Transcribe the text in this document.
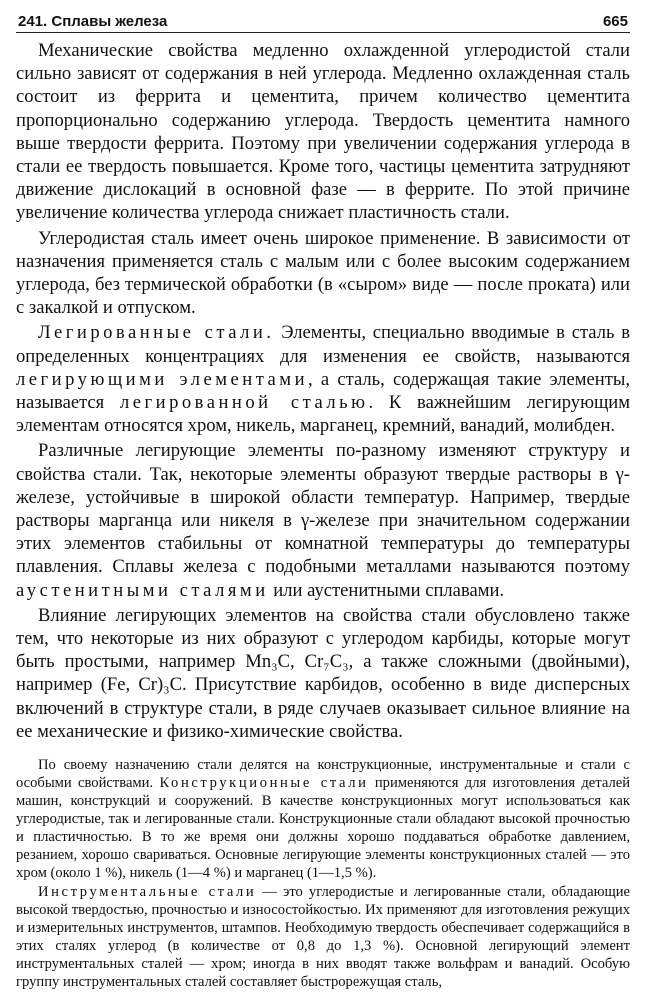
241. Сплавы железа	665

Механические свойства медленно охлажденной углеродистой стали сильно зависят от содержания в ней углерода. Медленно охлажденная сталь состоит из феррита и цементита, причем количество цементита пропорционально содержанию углерода. Твердость цементита намного выше твердости феррита. Поэтому при увеличении содержания углерода в стали ее твердость повышается. Кроме того, частицы цементита затрудняют движение дислокаций в основной фазе — в феррите. По этой причине увеличение количества углерода снижает пластичность стали.

Углеродистая сталь имеет очень широкое применение. В зависимости от назначения применяется сталь с малым или с более высоким содержанием углерода, без термической обработки (в «сыром» виде — после проката) или с закалкой и отпуском.

Легированные стали. Элементы, специально вводимые в сталь в определенных концентрациях для изменения ее свойств, называются легирующими элементами, а сталь, содержащая такие элементы, называется легированной сталью. К важнейшим легирующим элементам относятся хром, никель, марганец, кремний, ванадий, молибден.

Различные легирующие элементы по-разному изменяют структуру и свойства стали. Так, некоторые элементы образуют твердые растворы в γ-железе, устойчивые в широкой области температур. Например, твердые растворы марганца или никеля в γ-железе при значительном содержании этих элементов стабильны от комнатной температуры до температуры плавления. Сплавы железа с подобными металлами называются поэтому аустенитными сталями или аустенитными сплавами.

Влияние легирующих элементов на свойства стали обусловлено также тем, что некоторые из них образуют с углеродом карбиды, которые могут быть простыми, например Mn₃C, Cr₇C₃, а также сложными (двойными), например (Fe, Cr)₃C. Присутствие карбидов, особенно в виде дисперсных включений в структуре стали, в ряде случаев оказывает сильное влияние на ее механические и физико-химические свойства.

По своему назначению стали делятся на конструкционные, инструментальные и стали с особыми свойствами. Конструкционные стали применяются для изготовления деталей машин, конструкций и сооружений. В качестве конструкционных могут использоваться как углеродистые, так и легированные стали. Конструкционные стали обладают высокой прочностью и пластичностью. В то же время они должны хорошо поддаваться обработке давлением, резанием, хорошо свариваться. Основные легирующие элементы конструкционных сталей — это хром (около 1 %), никель (1—4 %) и марганец (1—1,5 %).

Инструментальные стали — это углеродистые и легированные стали, обладающие высокой твердостью, прочностью и износостойкостью. Их применяют для изготовления режущих и измерительных инструментов, штампов. Необходимую твердость обеспечивает содержащийся в этих сталях углерод (в количестве от 0,8 до 1,3 %). Основной легирующий элемент инструментальных сталей — хром; иногда в них вводят также вольфрам и ванадий. Особую группу инструментальных сталей составляет быстрорежущая сталь,
